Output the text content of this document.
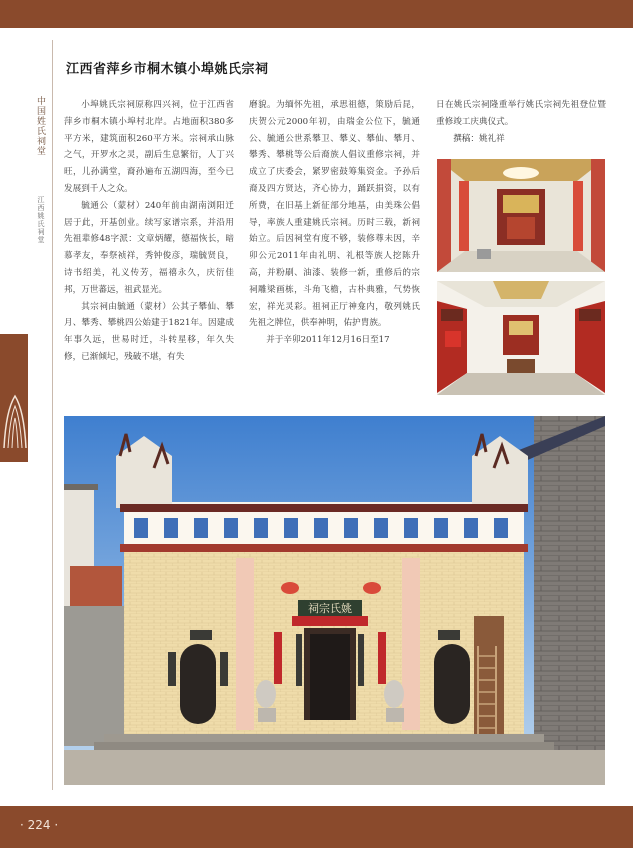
中国姓氏祠堂
江西姚氏祠堂
江西省萍乡市桐木镇小埠姚氏宗祠

小埠姚氏宗祠原称四兴祠，位于江西省萍乡市桐木镇小埠村北岸。占地面积380多平方米，建筑面积260平方米。宗祠承山脉之气，开罗水之灵，副后生息繁衍，人丁兴旺，儿孙满堂，裔孙遍布五湖四海，至今已发展到千人之众。

毓通公（蒙材）240年前由湖南浏阳迁居于此，开基创业。续写家谱宗系，并沿用先祖辈修48字派：文章炳耀，德福恢长，暗慕孝友，奉祭祯祥，秀钟俊彦，瑞毓贤良，诗书绍美，礼义传芳，福禧永久，庆衍佳邦，万世蕃远，祖武显光。

其宗祠由毓通（蒙材）公其子攀仙、攀月、攀秀、攀桃四公始建于1821年。因建成年事久远，世易时迁，斗转星移，年久失修，已渐倾圮，残破不堪，有失

磨貌。为缅怀先祖，承思祖德，策励后昆，庆贺公元2000年初，由瑞金公位下，毓通公、毓通公世系攀卫、攀义、攀仙、攀月、攀秀、攀桃等公后裔族人倡议重修宗祠，并成立了庆委会，紧罗密鼓筹集资金。予孙后裔及四方贤达，齐心协力，踊跃捐资，以有所费，在旧基上新征部分地基，由美珠公倡导，率族人重建姚氏宗祠。历时三载，新祠始立。后因祠堂有度不够，装修尊未因，辛卯公元2011年由礼明、礼根等族人挖陈升高，并粉刷、油漆、装修一新，重修后的宗祠雕梁画栋，斗角飞檐，古朴典雅，气势恢宏，祥光灵彩。祖祠正厅神龛内，敬列姚氏先祖之牌位，供奉神明，佑护胄族。

并于辛卯2011年12月16日至17

日在姚氏宗祠隆重举行姚氏宗祠先祖登位暨重修竣工庆典仪式。

撰稿：姚礼祥

祠宗氏姚
· 224 ·
